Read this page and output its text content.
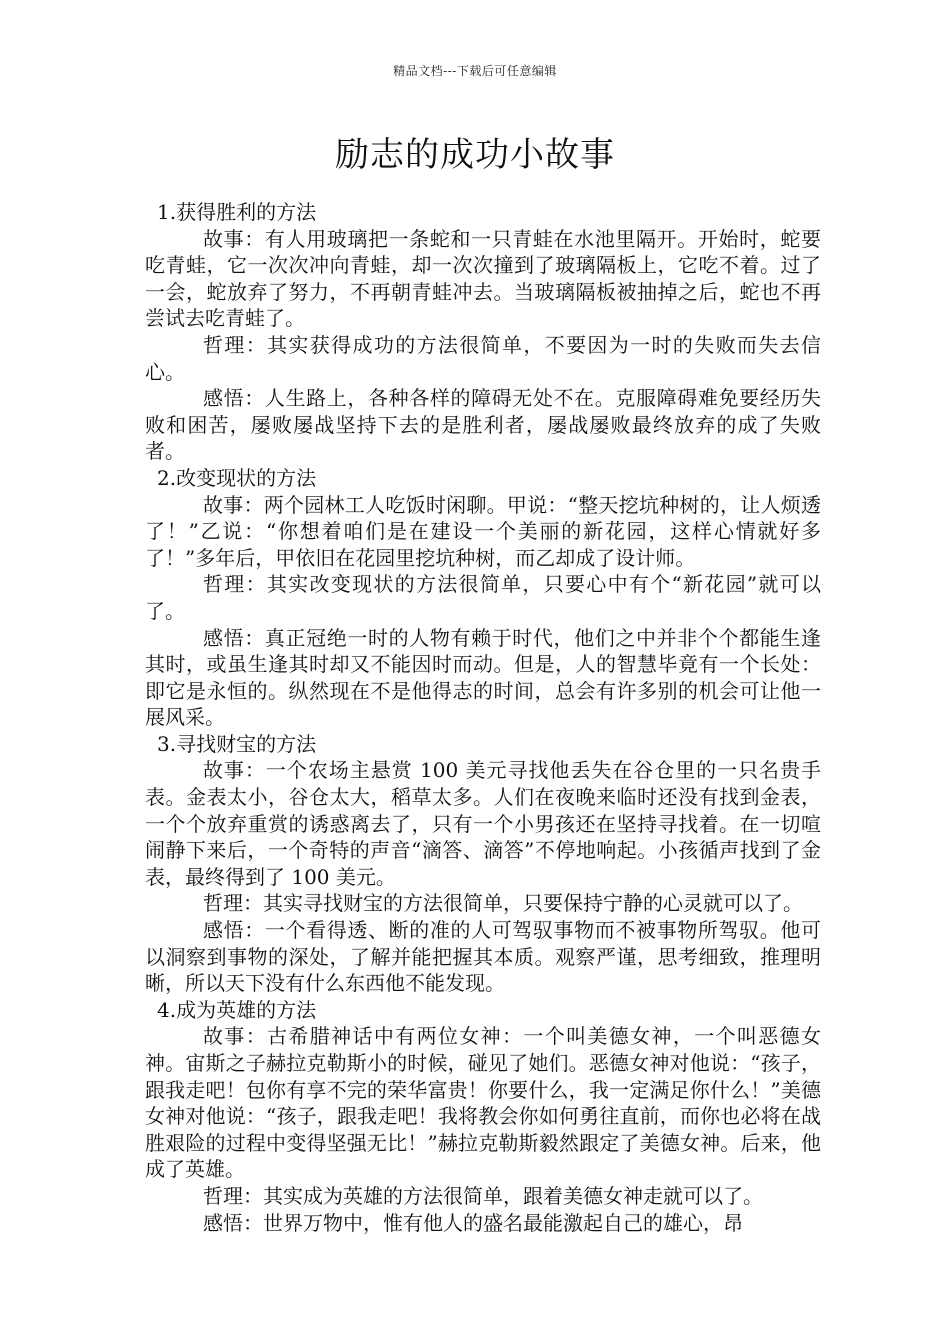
精品文档---下载后可任意编辑
励志的成功小故事

1.获得胜利的方法

故事：有人用玻璃把一条蛇和一只青蛙在水池里隔开。开始时，蛇要吃青蛙，它一次次冲向青蛙，却一次次撞到了玻璃隔板上，它吃不着。过了一会，蛇放弃了努力，不再朝青蛙冲去。当玻璃隔板被抽掉之后，蛇也不再尝试去吃青蛙了。

哲理：其实获得成功的方法很简单，不要因为一时的失败而失去信心。

感悟：人生路上，各种各样的障碍无处不在。克服障碍难免要经历失败和困苦，屡败屡战坚持下去的是胜利者，屡战屡败最终放弃的成了失败者。

2.改变现状的方法

故事：两个园林工人吃饭时闲聊。甲说：“整天挖坑种树的，让人烦透了！”乙说：“你想着咱们是在建设一个美丽的新花园，这样心情就好多了！”多年后，甲依旧在花园里挖坑种树，而乙却成了设计师。

哲理：其实改变现状的方法很简单，只要心中有个“新花园”就可以了。

感悟：真正冠绝一时的人物有赖于时代，他们之中并非个个都能生逢其时，或虽生逢其时却又不能因时而动。但是，人的智慧毕竟有一个长处：即它是永恒的。纵然现在不是他得志的时间，总会有许多别的机会可让他一展风采。

3.寻找财宝的方法

故事：一个农场主悬赏 100 美元寻找他丢失在谷仓里的一只名贵手表。金表太小，谷仓太大，稻草太多。人们在夜晚来临时还没有找到金表，一个个放弃重赏的诱惑离去了，只有一个小男孩还在坚持寻找着。在一切喧闹静下来后，一个奇特的声音“滴答、滴答”不停地响起。小孩循声找到了金表，最终得到了 100 美元。

哲理：其实寻找财宝的方法很简单，只要保持宁静的心灵就可以了。

感悟：一个看得透、断的准的人可驾驭事物而不被事物所驾驭。他可以洞察到事物的深处，了解并能把握其本质。观察严谨，思考细致，推理明晰，所以天下没有什么东西他不能发现。

4.成为英雄的方法

故事：古希腊神话中有两位女神：一个叫美德女神，一个叫恶德女神。宙斯之子赫拉克勒斯小的时候，碰见了她们。恶德女神对他说：“孩子，跟我走吧！包你有享不完的荣华富贵！你要什么，我一定满足你什么！”美德女神对他说：“孩子，跟我走吧！我将教会你如何勇往直前，而你也必将在战胜艰险的过程中变得坚强无比！”赫拉克勒斯毅然跟定了美德女神。后来，他成了英雄。

哲理：其实成为英雄的方法很简单，跟着美德女神走就可以了。

感悟：世界万物中，惟有他人的盛名最能激起自己的雄心，昂
